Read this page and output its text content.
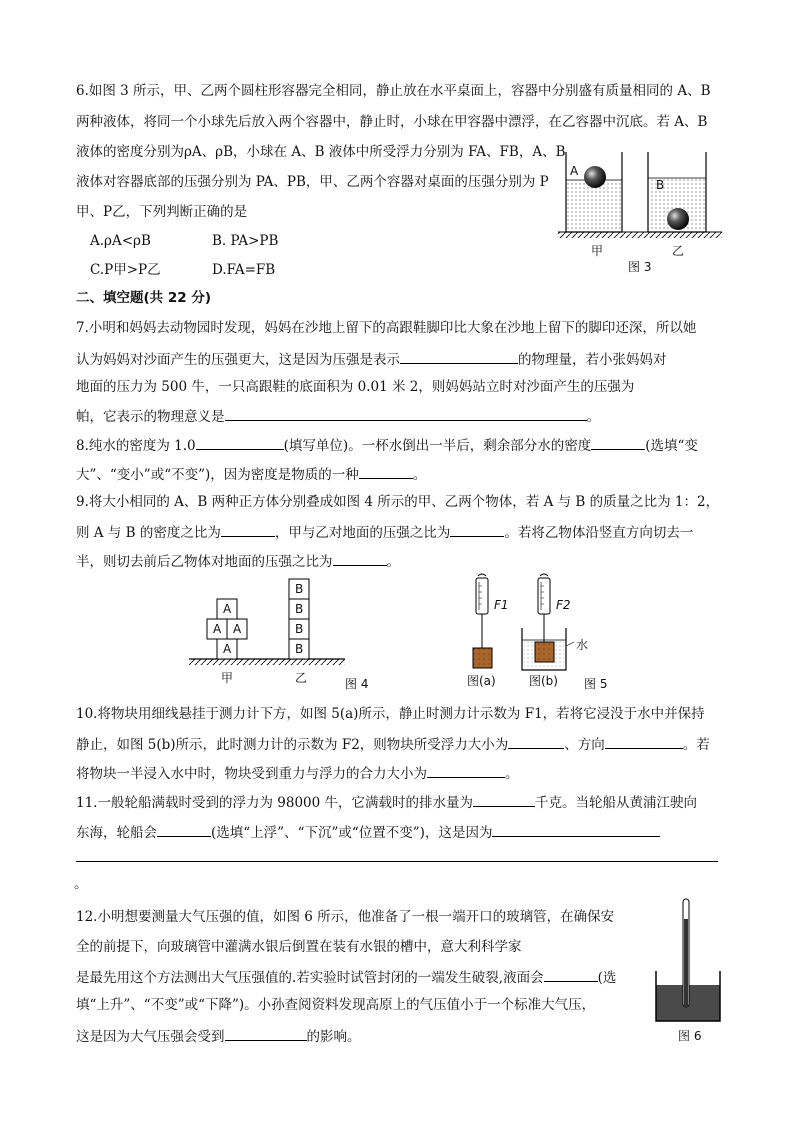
6.如图 3 所示，甲、乙两个圆柱形容器完全相同，静止放在水平桌面上，容器中分别盛有质量相同的 A、B
两种液体，将同一个小球先后放入两个容器中，静止时，小球在甲容器中漂浮，在乙容器中沉底。若 A、B
液体的密度分别为ρA、ρB，小球在 A、B 液体中所受浮力分别为 FA、FB，A、B
液体对容器底部的压强分别为 PA、PB，甲、乙两个容器对桌面的压强分别为 P
甲、P乙，下列判断正确的是
A.ρA<ρB	B. PA>PB
C.P甲>P乙	D.FA=FB
A
B
甲	乙
图 3
二、填空题(共 22 分)
7.小明和妈妈去动物园时发现，妈妈在沙地上留下的高跟鞋脚印比大象在沙地上留下的脚印还深，所以她
认为妈妈对沙面产生的压强更大，这是因为压强是表示	的物理量，若小张妈妈对
地面的压力为 500 牛，一只高跟鞋的底面积为 0.01 米 2，则妈妈站立时对沙面产生的压强为
帕，它表示的物理意义是	。
8.纯水的密度为 1.0	(填写单位)。一杯水倒出一半后，剩余部分水的密度	(选填“变
大”、“变小”或“不变”)，因为密度是物质的一种	。
9.将大小相同的 A、B 两种正方体分别叠成如图 4 所示的甲、乙两个物体，若 A 与 B 的质量之比为 1：2，
则 A 与 B 的密度之比为	，甲与乙对地面的压强之比为	。若将乙物体沿竖直方向切去一
半，则切去前后乙物体对地面的压强之比为	。
A
A A
A
B
B
B
B
甲	乙	图 4
F1	F2
水
图(a)	图(b) 图 5
10.将物块用细线悬挂于测力计下方，如图 5(a)所示，静止时测力计示数为 F1，若将它浸没于水中并保持
静止，如图 5(b)所示，此时测力计的示数为 F2，则物块所受浮力大小为	、方向	。若
将物块一半浸入水中时，物块受到重力与浮力的合力大小为	。
11.一般轮船满载时受到的浮力为 98000 牛，它满载时的排水量为	千克。当轮船从黄浦江驶向
东海，轮船会	(选填“上浮”、“下沉”或“位置不变”)，这是因为
。
12.小明想要测量大气压强的值，如图 6 所示，他准备了一根一端开口的玻璃管，在确保安
全的前提下，向玻璃管中灌满水银后倒置在装有水银的槽中，意大利科学家
是最先用这个方法测出大气压强值的.若实验时试管封闭的一端发生破裂,液面会	(选
填“上升”、“不变”或“下降”)。小孙查阅资料发现高原上的气压值小于一个标准大气压，
这是因为大气压强会受到	的影响。	图 6
